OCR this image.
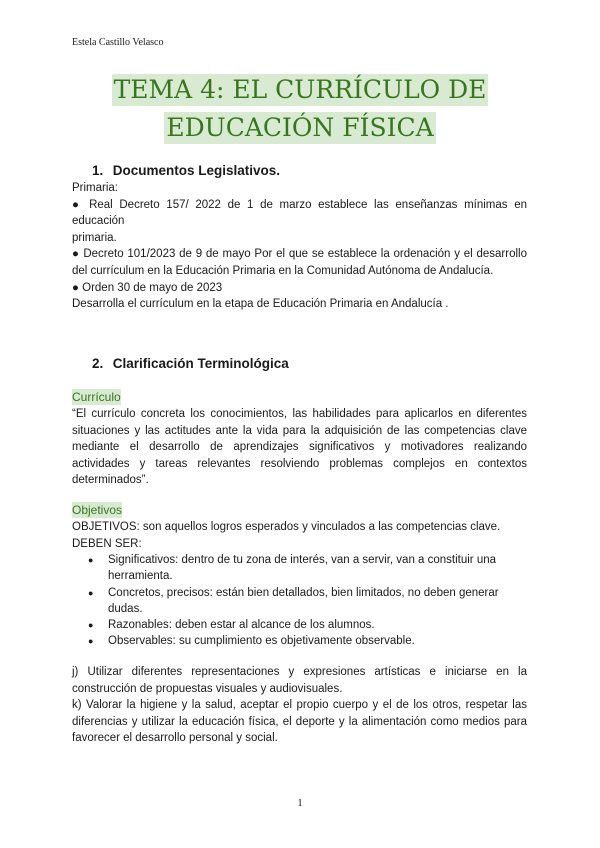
Estela Castillo Velasco
TEMA 4: EL CURRÍCULO DE
EDUCACIÓN FÍSICA
1. Documentos Legislativos.
Primaria:
● Real Decreto 157/ 2022 de 1 de marzo establece las enseñanzas mínimas en educación
primaria.
● Decreto 101/2023 de 9 de mayo Por el que se establece la ordenación y el desarrollo del currículum en la Educación Primaria en la Comunidad Autónoma de Andalucía.
● Orden 30 de mayo de 2023
Desarrolla el currículum en la etapa de Educación Primaria en Andalucía .
2. Clarificación Terminológica
Currículo
“El currículo concreta los conocimientos, las habilidades para aplicarlos en diferentes situaciones y las actitudes ante la vida para la adquisición de las competencias clave mediante el desarrollo de aprendizajes significativos y motivadores realizando actividades y tareas relevantes resolviendo problemas complejos en contextos determinados”.
Objetivos
OBJETIVOS: son aquellos logros esperados y vinculados a las competencias clave.
DEBEN SER:
● Significativos: dentro de tu zona de interés, van a servir, van a constituir una herramienta.
● Concretos, precisos: están bien detallados, bien limitados, no deben generar dudas.
● Razonables: deben estar al alcance de los alumnos.
● Observables: su cumplimiento es objetivamente observable.
j) Utilizar diferentes representaciones y expresiones artísticas e iniciarse en la construcción de propuestas visuales y audiovisuales.
k) Valorar la higiene y la salud, aceptar el propio cuerpo y el de los otros, respetar las diferencias y utilizar la educación física, el deporte y la alimentación como medios para favorecer el desarrollo personal y social.
1
